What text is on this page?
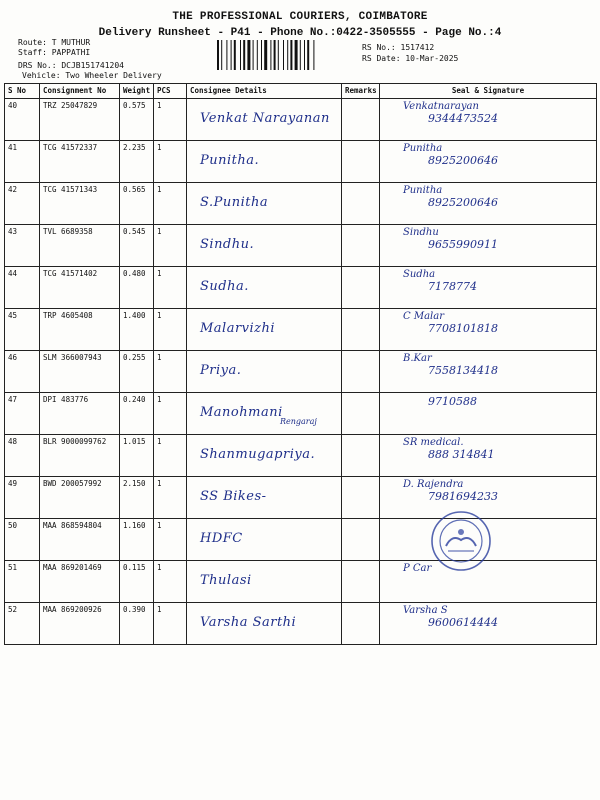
THE PROFESSIONAL COURIERS, COIMBATORE
Delivery Runsheet - P41 - Phone No.:0422-3505555 - Page No.:4
Route: T MUTHUR
Staff: PAPPATHI
DRS No.: DCJB151741204
Vehicle: Two Wheeler Delivery
RS No.: 1517412
RS Date: 10-Mar-2025
S No	Consignment No	Weight	PCS	Consignee Details	Remarks	Seal & Signature
40	TRZ 25047829	0.575	1	Venkat Narayanan		Venkatnarayan
9344473524

41	TCG 41572337	2.235	1	Punitha.		Punitha
8925200646

42	TCG 41571343	0.565	1	S.Punitha		Punitha
8925200646

43	TVL 6689358	0.545	1	Sindhu.		Sindhu
9655990911

44	TCG 41571402	0.480	1	Sudha.		Sudha
7178774

45	TRP 4605408	1.400	1	Malarvizhi		C Malar
7708101818

46	SLM 366007943	0.255	1	Priya.		B.Kar
7558134418

47	DPI 483776	0.240	1	Manohmani
Rengaraj		9710588

48	BLR 9000099762	1.015	1	Shanmugapriya.		SR medical.
888 314841

49	BWD 200057992	2.150	1	SS Bikes-		D. Rajendra
7981694233

50	MAA 868594804	1.160	1	HDFC		

51	MAA 869201469	0.115	1	Thulasi		P Car

52	MAA 869200926	0.390	1	Varsha Sarthi		Varsha S
9600614444
